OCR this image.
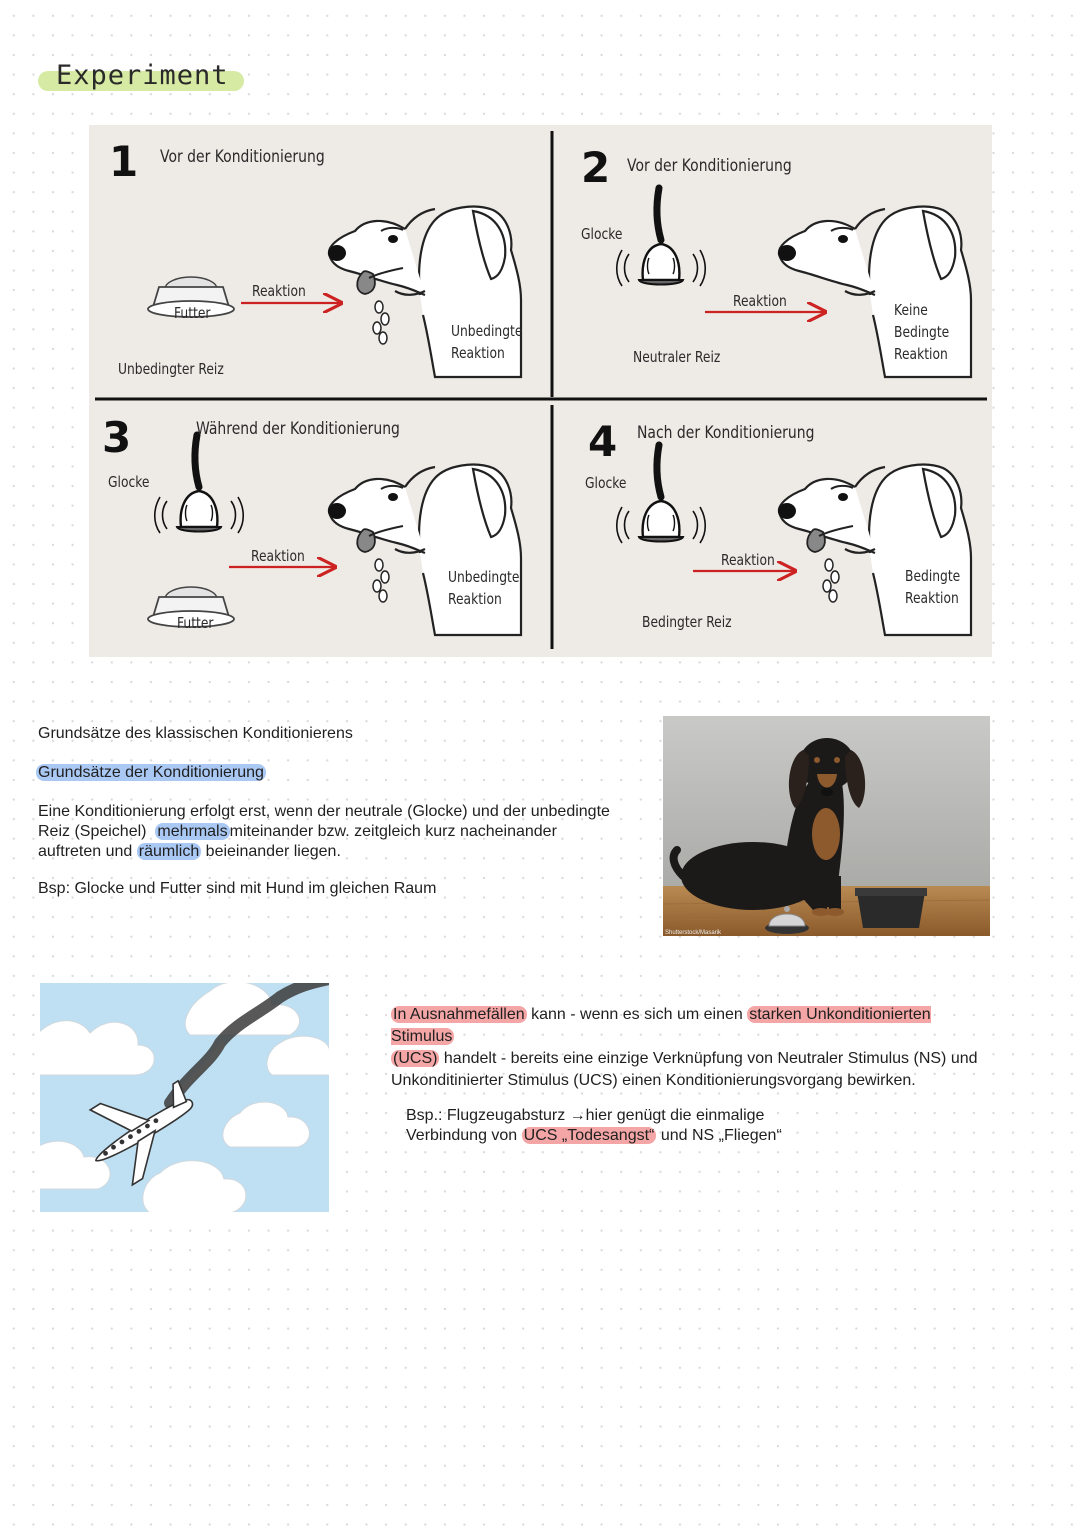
Experiment
1 Vor der Konditionierung
Futter
Reaktion
Unbedingte
Reaktion
Unbedingter Reiz
2 Vor der Konditionierung
Glocke
Reaktion
Neutraler Reiz
Keine
Bedingte
Reaktion
3	Während der Konditionierung
Glocke
Reaktion
Futter
Unbedingte
Reaktion
4 Nach der Konditionierung
Glocke
Reaktion
Bedingter Reiz
Bedingte
Reaktion
Grundsätze des klassischen Konditionierens
Grundsätze der Konditionierung
Eine Konditionierung erfolgt erst, wenn der neutrale (Glocke) und der unbedingte
Reiz (Speichel) mehrmals miteinander bzw. zeitgleich kurz nacheinander
auftreten und räumlich beieinander liegen.
Bsp: Glocke und Futter sind mit Hund im gleichen Raum
Shutterstock/Masarik
In Ausnahmefällen kann - wenn es sich um einen starken Unkonditionierten Stimulus
(UCS) handelt - bereits eine einzige Verknüpfung von Neutraler Stimulus (NS) und
Unkonditinierter Stimulus (UCS) einen Konditionierungsvorgang bewirken.
Bsp.: Flugzeugabsturz →hier genügt die einmalige
Verbindung von UCS „Todesangst“ und NS „Fliegen“
